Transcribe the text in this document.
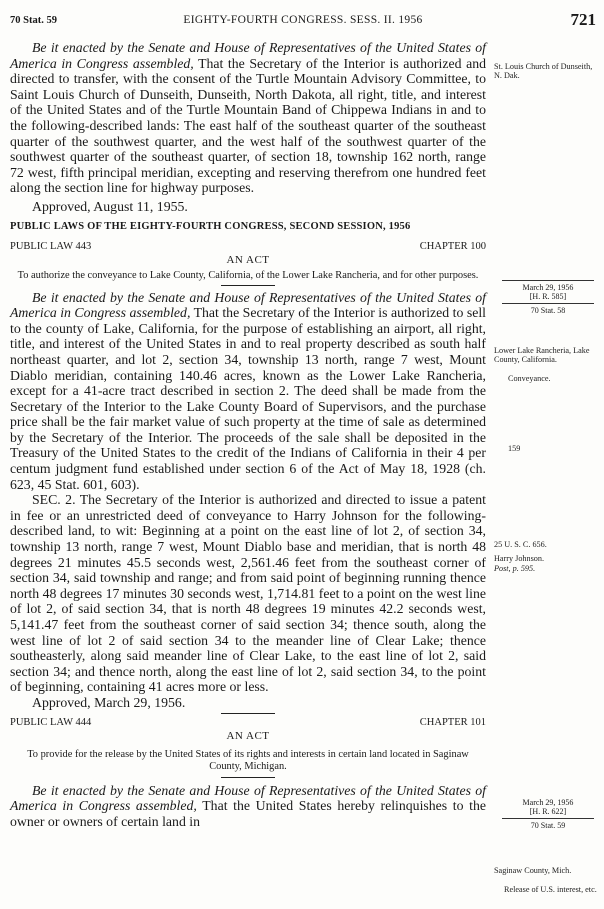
70 Stat. 59	EIGHTY-FOURTH CONGRESS. SESS. II. 1956	721

Be it enacted by the Senate and House of Representatives of the United States of America in Congress assembled, That the Secretary of the Interior is authorized and directed to transfer, with the consent of the Turtle Mountain Advisory Committee, to Saint Louis Church of Dunseith, Dunseith, North Dakota, all right, title, and interest of the United States and of the Turtle Mountain Band of Chippewa Indians in and to the following-described lands: The east half of the southeast quarter of the southeast quarter of the southwest quarter, and the west half of the southwest quarter of the southwest quarter of the southeast quarter, of section 18, township 162 north, range 72 west, fifth principal meridian, excepting and reserving therefrom one hundred feet along the section line for highway purposes.

Approved, August 11, 1955.
PUBLIC LAWS OF THE EIGHTY-FOURTH CONGRESS, SECOND SESSION, 1956
PUBLIC LAW 443	CHAPTER 100
AN ACT
To authorize the conveyance to Lake County, California, of the Lower Lake Rancheria, and for other purposes.

Be it enacted by the Senate and House of Representatives of the United States of America in Congress assembled, That the Secretary of the Interior is authorized to sell to the county of Lake, California, for the purpose of establishing an airport, all right, title, and interest of the United States in and to real property described as south half northeast quarter, and lot 2, section 34, township 13 north, range 7 west, Mount Diablo meridian, containing 140.46 acres, known as the Lower Lake Rancheria, except for a 41-acre tract described in section 2. The deed shall be made from the Secretary of the Interior to the Lake County Board of Supervisors, and the purchase price shall be the fair market value of such property at the time of sale as determined by the Secretary of the Interior. The proceeds of the sale shall be deposited in the Treasury of the United States to the credit of the Indians of California in their 4 per centum judgment fund established under section 6 of the Act of May 18, 1928 (ch. 623, 45 Stat. 601, 603).

SEC. 2. The Secretary of the Interior is authorized and directed to issue a patent in fee or an unrestricted deed of conveyance to Harry Johnson for the following-described land, to wit: Beginning at a point on the east line of lot 2, of section 34, township 13 north, range 7 west, Mount Diablo base and meridian, that is north 48 degrees 21 minutes 45.5 seconds west, 2,561.46 feet from the southeast corner of section 34, said township and range; and from said point of beginning running thence north 48 degrees 17 minutes 30 seconds west, 1,714.81 feet to a point on the west line of lot 2, of said section 34, that is north 48 degrees 19 minutes 42.2 seconds west, 5,141.47 feet from the southeast corner of said section 34; thence south, along the west line of lot 2 of said section 34 to the meander line of Clear Lake; thence southeasterly, along said meander line of Clear Lake, to the east line of lot 2, said section 34; and thence north, along the east line of lot 2, said section 34, to the point of beginning, containing 41 acres more or less.

Approved, March 29, 1956.
PUBLIC LAW 444	CHAPTER 101
AN ACT
To provide for the release by the United States of its rights and interests in certain land located in Saginaw County, Michigan.

Be it enacted by the Senate and House of Representatives of the United States of America in Congress assembled, That the United States hereby relinquishes to the owner or owners of certain land in

St. Louis Church of Dunseith, N. Dak.
March 29, 1956
[H. R. 585]
70 Stat. 58
Lower Lake Rancheria, Lake County, California.
Conveyance.
159
25 U. S. C. 656.
Harry Johnson.
Post, p. 595.
March 29, 1956
[H. R. 622]
70 Stat. 59
Saginaw County, Mich.
Release of U.S. interest, etc.
